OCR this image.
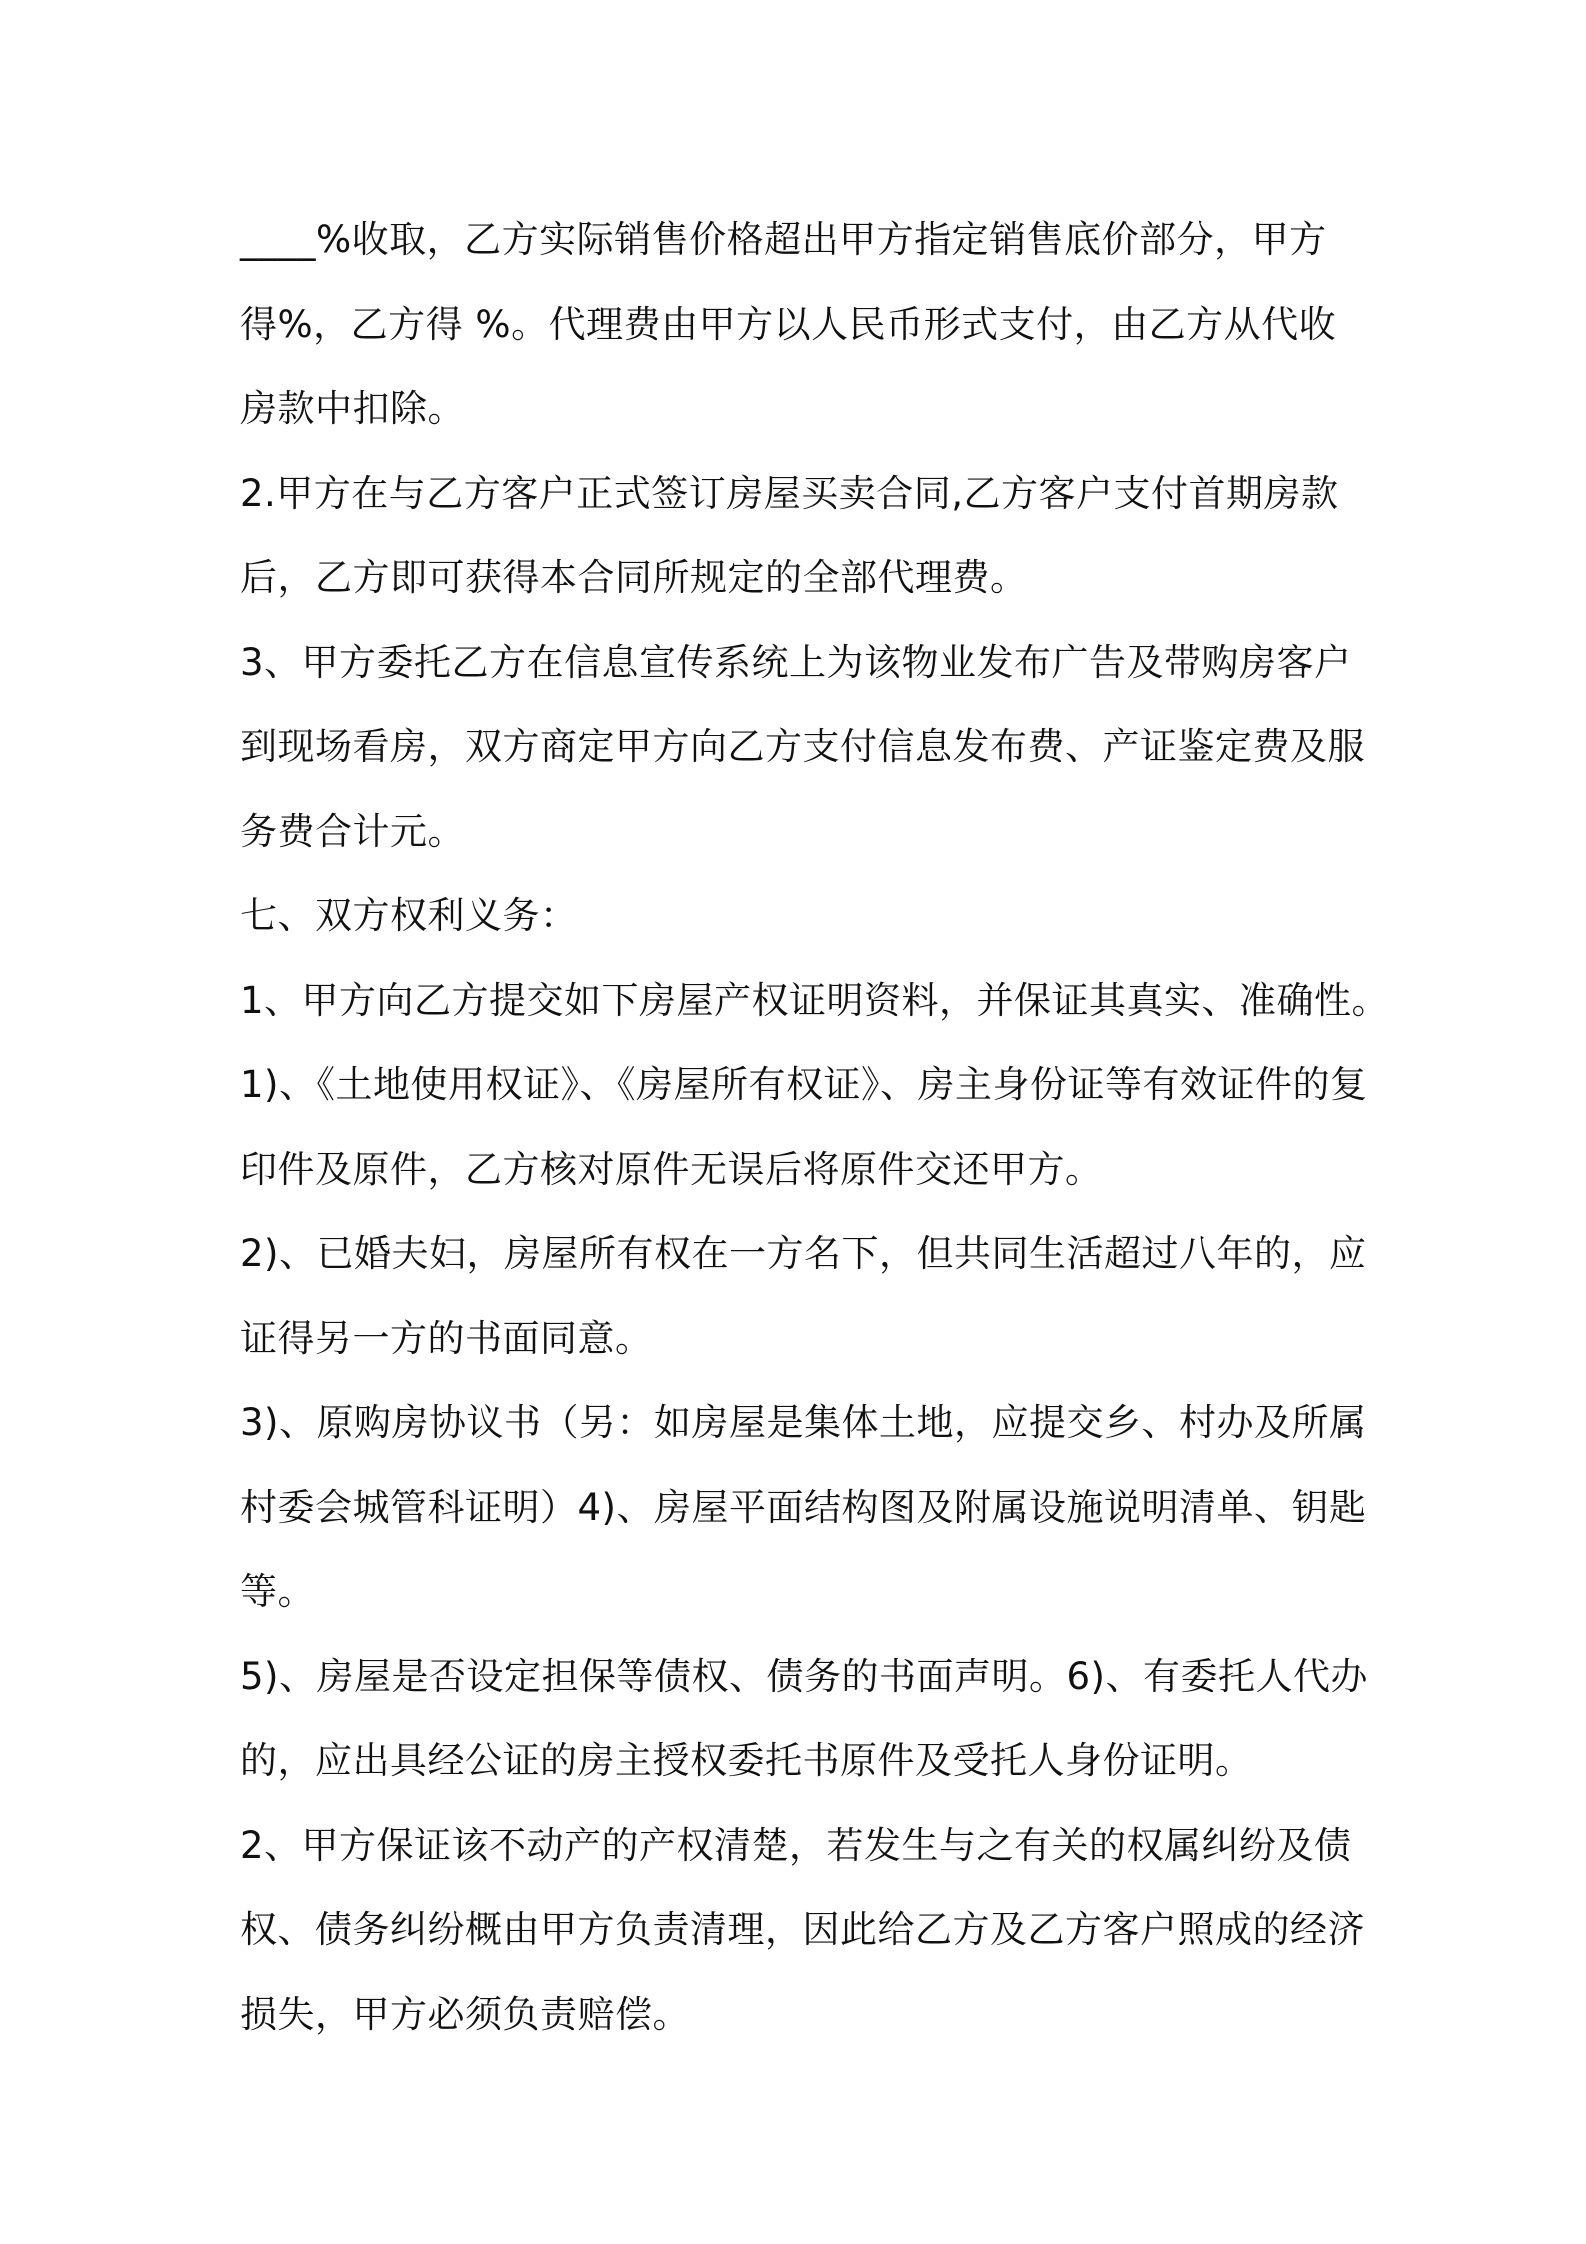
____%收取，乙方实际销售价格超出甲方指定销售底价部分，甲方
得%，乙方得 %。代理费由甲方以人民币形式支付，由乙方从代收
房款中扣除。
2.甲方在与乙方客户正式签订房屋买卖合同,乙方客户支付首期房款
后，乙方即可获得本合同所规定的全部代理费。
3、甲方委托乙方在信息宣传系统上为该物业发布广告及带购房客户
到现场看房，双方商定甲方向乙方支付信息发布费、产证鉴定费及服
务费合计元。
七、双方权利义务：
1、甲方向乙方提交如下房屋产权证明资料，并保证其真实、准确性。
1)、《土地使用权证》、《房屋所有权证》、房主身份证等有效证件的复
印件及原件，乙方核对原件无误后将原件交还甲方。
2)、已婚夫妇，房屋所有权在一方名下，但共同生活超过八年的，应
证得另一方的书面同意。
3)、原购房协议书（另：如房屋是集体土地，应提交乡、村办及所属
村委会城管科证明）4)、房屋平面结构图及附属设施说明清单、钥匙
等。
5)、房屋是否设定担保等债权、债务的书面声明。6)、有委托人代办
的，应出具经公证的房主授权委托书原件及受托人身份证明。
2、甲方保证该不动产的产权清楚，若发生与之有关的权属纠纷及债
权、债务纠纷概由甲方负责清理，因此给乙方及乙方客户照成的经济
损失，甲方必须负责赔偿。
